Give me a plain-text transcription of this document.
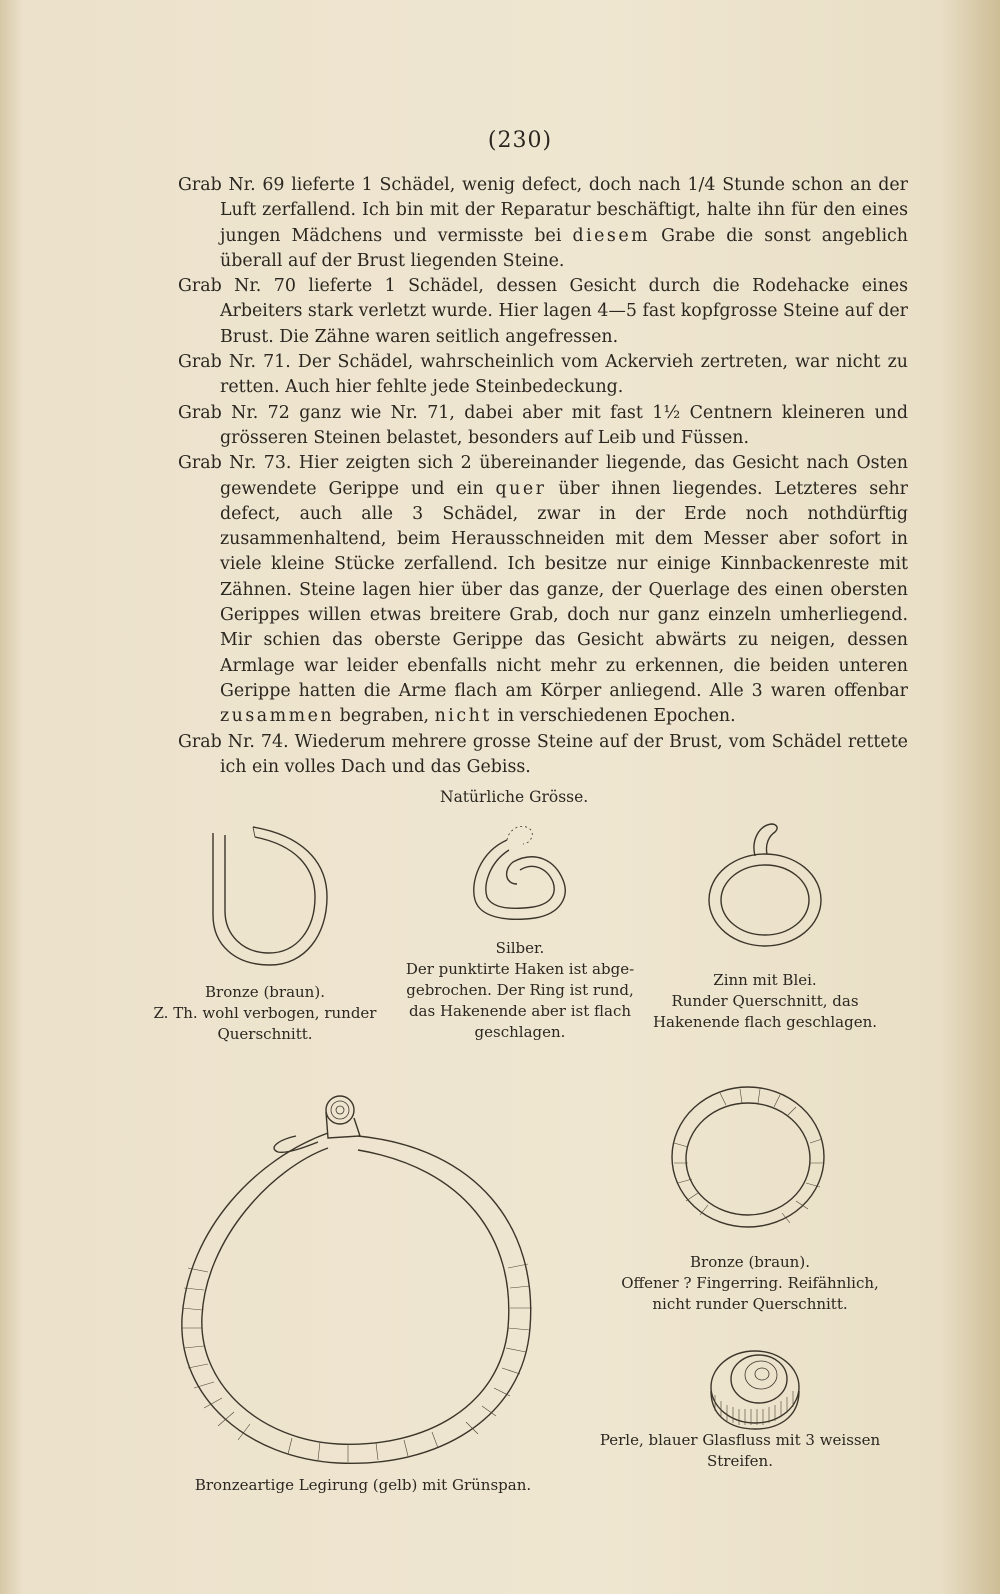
(230)

Grab Nr. 69 lieferte 1 Schädel, wenig defect, doch nach 1/4 Stunde schon an der Luft zerfallend. Ich bin mit der Reparatur beschäftigt, halte ihn für den eines jungen Mädchens und vermisste bei diesem Grabe die sonst angeblich überall auf der Brust liegenden Steine.

Grab Nr. 70 lieferte 1 Schädel, dessen Gesicht durch die Rodehacke eines Arbeiters stark verletzt wurde. Hier lagen 4—5 fast kopfgrosse Steine auf der Brust. Die Zähne waren seitlich angefressen.

Grab Nr. 71. Der Schädel, wahrscheinlich vom Ackervieh zertreten, war nicht zu retten. Auch hier fehlte jede Steinbedeckung.

Grab Nr. 72 ganz wie Nr. 71, dabei aber mit fast 1½ Centnern kleineren und grösseren Steinen belastet, besonders auf Leib und Füssen.

Grab Nr. 73. Hier zeigten sich 2 übereinander liegende, das Gesicht nach Osten gewendete Gerippe und ein quer über ihnen liegendes. Letzteres sehr defect, auch alle 3 Schädel, zwar in der Erde noch nothdürftig zusammenhaltend, beim Herausschneiden mit dem Messer aber sofort in viele kleine Stücke zerfallend. Ich besitze nur einige Kinnbackenreste mit Zähnen. Steine lagen hier über das ganze, der Querlage des einen obersten Gerippes willen etwas breitere Grab, doch nur ganz einzeln umherliegend. Mir schien das oberste Gerippe das Gesicht abwärts zu neigen, dessen Armlage war leider ebenfalls nicht mehr zu erkennen, die beiden unteren Gerippe hatten die Arme flach am Körper anliegend. Alle 3 waren offenbar zusammen begraben, nicht in verschiedenen Epochen.

Grab Nr. 74. Wiederum mehrere grosse Steine auf der Brust, vom Schädel rettete ich ein volles Dach und das Gebiss.

Natürliche Grösse.
Bronze (braun).
Z. Th. wohl verbogen, runder
Querschnitt.
Silber.
Der punktirte Haken ist abge-
gebrochen. Der Ring ist rund,
das Hakenende aber ist flach
geschlagen.
Zinn mit Blei.
Runder Querschnitt, das
Hakenende flach geschlagen.
Bronzeartige Legirung (gelb) mit Grünspan.
Bronze (braun).
Offener ? Fingerring. Reifähnlich,
nicht runder Querschnitt.
Perle, blauer Glasfluss mit 3 weissen
Streifen.
